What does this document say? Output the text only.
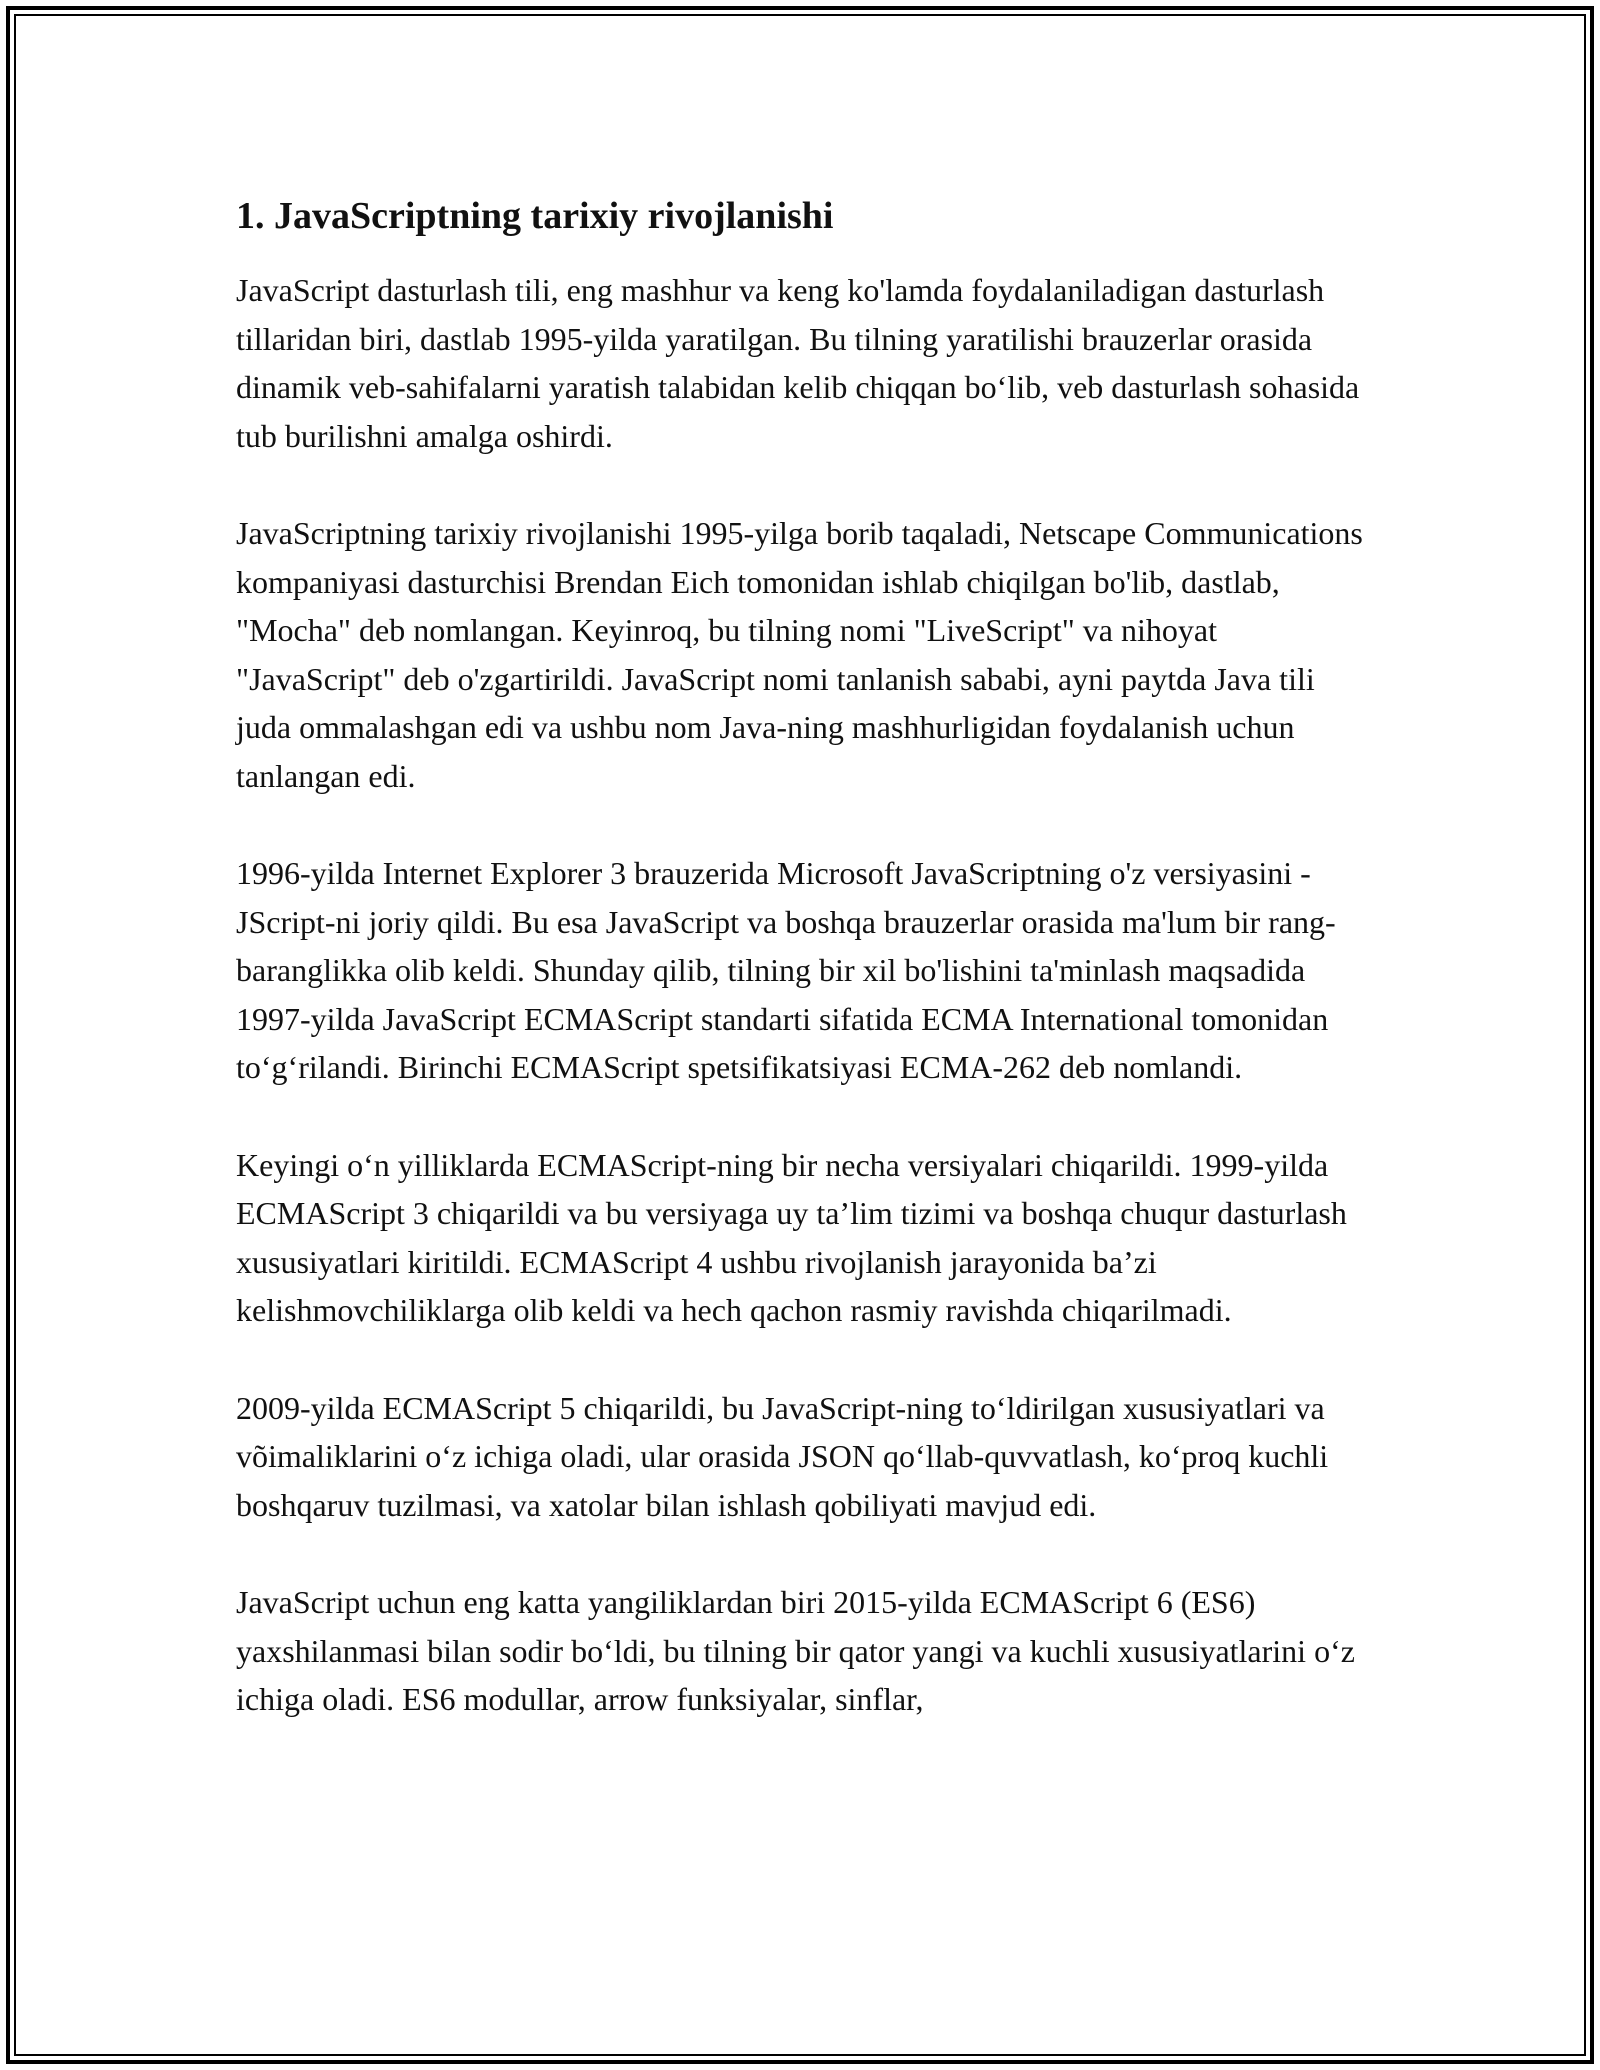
1. JavaScriptning tarixiy rivojlanishi

JavaScript dasturlash tili, eng mashhur va keng ko'lamda foydalaniladigan dasturlash tillaridan biri, dastlab 1995-yilda yaratilgan. Bu tilning yaratilishi brauzerlar orasida dinamik veb-sahifalarni yaratish talabidan kelib chiqqan boʻlib, veb dasturlash sohasida tub burilishni amalga oshirdi.

JavaScriptning tarixiy rivojlanishi 1995-yilga borib taqaladi, Netscape Communications kompaniyasi dasturchisi Brendan Eich tomonidan ishlab chiqilgan bo'lib, dastlab, "Mocha" deb nomlangan. Keyinroq, bu tilning nomi "LiveScript" va nihoyat "JavaScript" deb o'zgartirildi. JavaScript nomi tanlanish sababi, ayni paytda Java tili juda ommalashgan edi va ushbu nom Java-ning mashhurligidan foydalanish uchun tanlangan edi.

1996-yilda Internet Explorer 3 brauzerida Microsoft JavaScriptning o'z versiyasini - JScript-ni joriy qildi. Bu esa JavaScript va boshqa brauzerlar orasida ma'lum bir rang-baranglikka olib keldi. Shunday qilib, tilning bir xil bo'lishini ta'minlash maqsadida 1997-yilda JavaScript ECMAScript standarti sifatida ECMA International tomonidan toʻgʻrilandi. Birinchi ECMAScript spetsifikatsiyasi ECMA-262 deb nomlandi.

Keyingi oʻn yilliklarda ECMAScript-ning bir necha versiyalari chiqarildi. 1999-yilda ECMAScript 3 chiqarildi va bu versiyaga uy ta’lim tizimi va boshqa chuqur dasturlash xususiyatlari kiritildi. ECMAScript 4 ushbu rivojlanish jarayonida ba’zi kelishmovchiliklarga olib keldi va hech qachon rasmiy ravishda chiqarilmadi.

2009-yilda ECMAScript 5 chiqarildi, bu JavaScript-ning toʻldirilgan xususiyatlari va võimaliklarini oʻz ichiga oladi, ular orasida JSON qoʻllab-quvvatlash, koʻproq kuchli boshqaruv tuzilmasi, va xatolar bilan ishlash qobiliyati mavjud edi.

JavaScript uchun eng katta yangiliklardan biri 2015-yilda ECMAScript 6 (ES6) yaxshilanmasi bilan sodir boʻldi, bu tilning bir qator yangi va kuchli xususiyatlarini oʻz ichiga oladi. ES6 modullar, arrow funksiyalar, sinflar,
